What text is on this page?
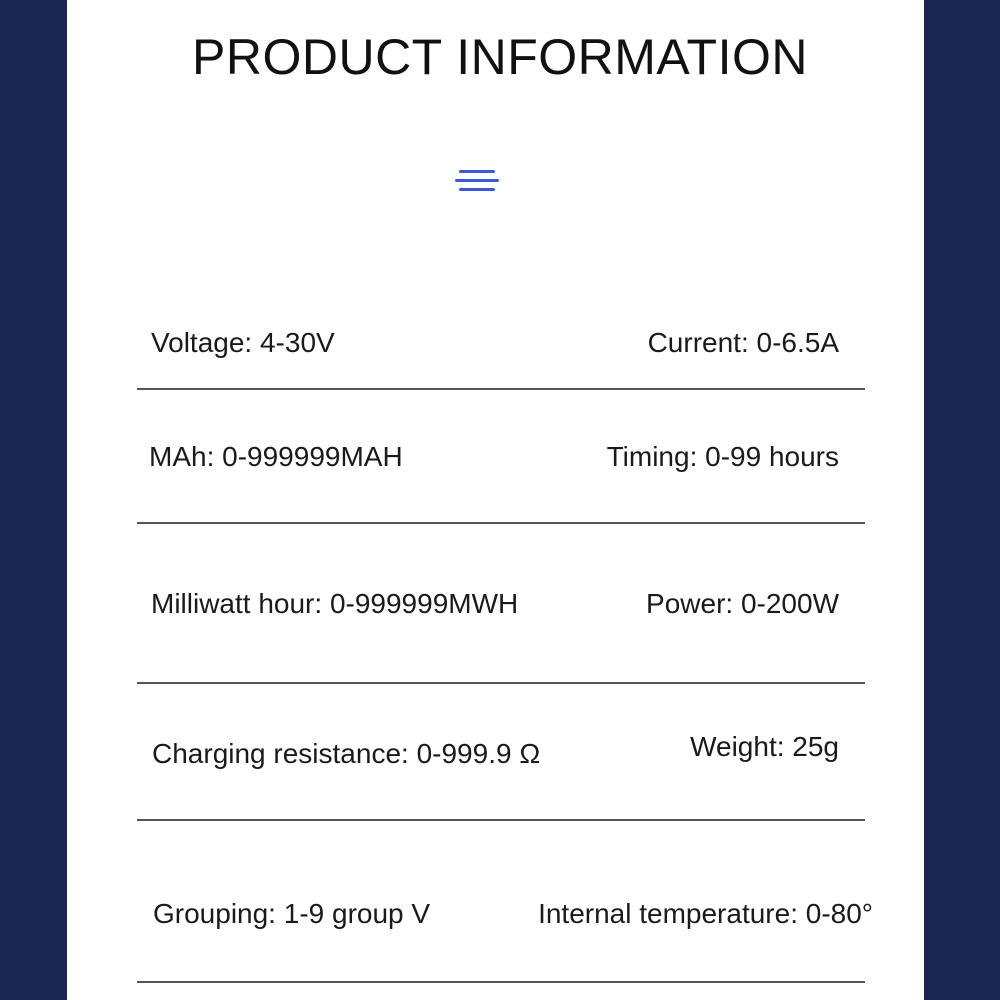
PRODUCT INFORMATION
Voltage: 4-30V	Current: 0-6.5A
MAh: 0-999999MAH	Timing: 0-99 hours
Milliwatt hour: 0-999999MWH	Power: 0-200W
Charging resistance: 0-999.9 Ω	Weight: 25g
Grouping: 1-9 group V	Internal temperature: 0-80°
